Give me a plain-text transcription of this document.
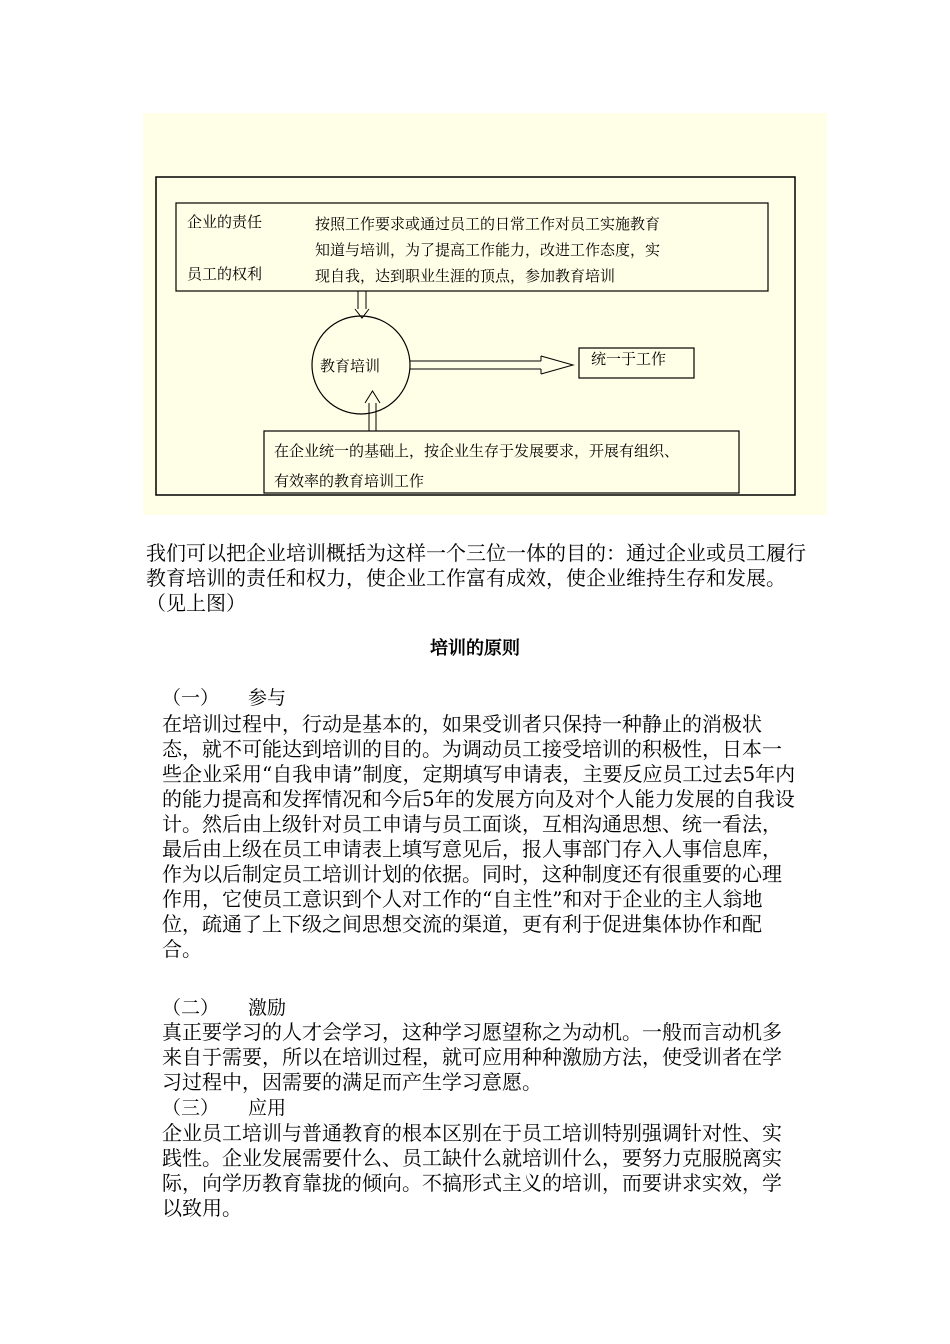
企业的责任
员工的权利
按照工作要求或通过员工的日常工作对员工实施教育
知道与培训，为了提高工作能力，改进工作态度，实
现自我，达到职业生涯的顶点，参加教育培训
教育培训	统一于工作
在企业统一的基础上，按企业生存于发展要求，开展有组织、
有效率的教育培训工作

我们可以把企业培训概括为这样一个三位一体的目的：通过企业或员工履行教育培训的责任和权力，使企业工作富有成效，使企业维持生存和发展。（见上图）

培训的原则
（一） 参与

在培训过程中，行动是基本的，如果受训者只保持一种静止的消极状态，就不可能达到培训的目的。为调动员工接受培训的积极性，日本一些企业采用“自我申请”制度，定期填写申请表，主要反应员工过去5年内的能力提高和发挥情况和今后5年的发展方向及对个人能力发展的自我设计。然后由上级针对员工申请与员工面谈，互相沟通思想、统一看法，最后由上级在员工申请表上填写意见后，报人事部门存入人事信息库，作为以后制定员工培训计划的依据。同时，这种制度还有很重要的心理作用，它使员工意识到个人对工作的“自主性”和对于企业的主人翁地位，疏通了上下级之间思想交流的渠道，更有利于促进集体协作和配合。

（二） 激励

真正要学习的人才会学习，这种学习愿望称之为动机。一般而言动机多来自于需要，所以在培训过程，就可应用种种激励方法，使受训者在学习过程中，因需要的满足而产生学习意愿。

（三） 应用

企业员工培训与普通教育的根本区别在于员工培训特别强调针对性、实践性。企业发展需要什么、员工缺什么就培训什么，要努力克服脱离实际，向学历教育靠拢的倾向。不搞形式主义的培训，而要讲求实效，学以致用。
